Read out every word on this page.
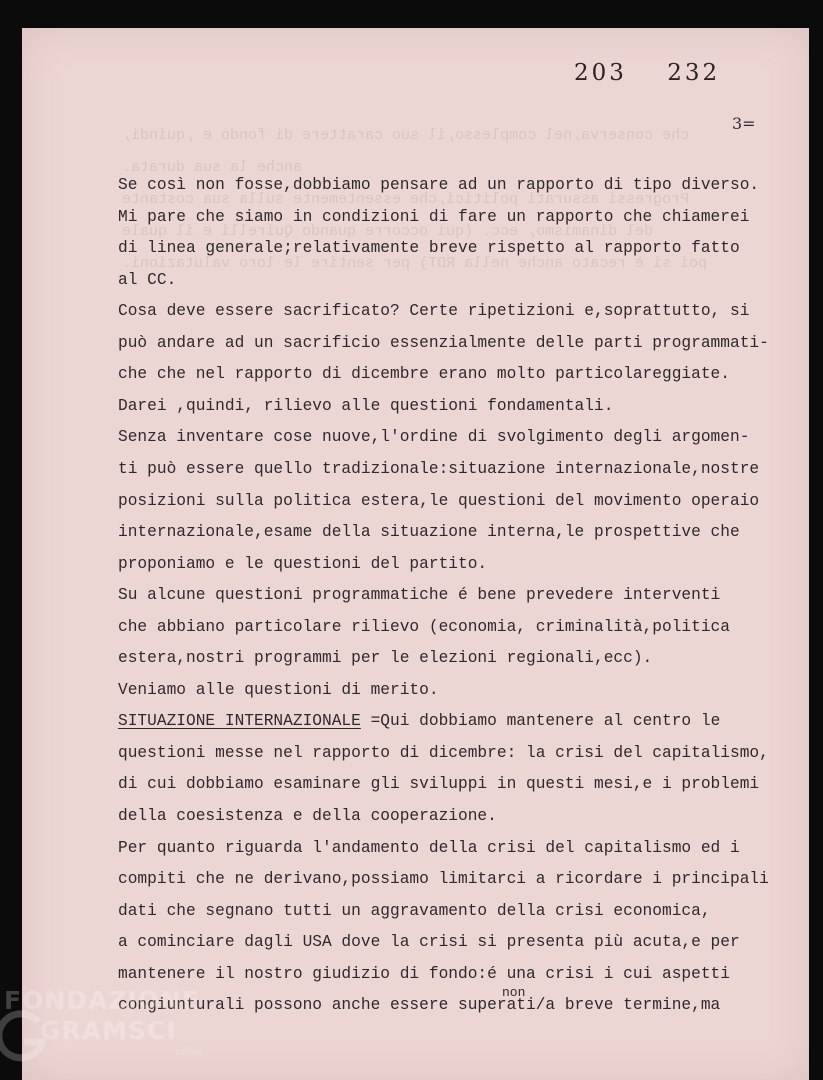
che conserva,nel complesso,il suo carattere di fondo e ,quindi,
anche la sua durata.
Progressi assurati politici,che essentemente sulla sua costante
del dinamismo, ecc. (qui occorre quando Quirelli e il quale
poi si è recato anche nella RDT) per sentire le loro valutazioni.
203 232
3=
Se così non fosse,dobbiamo pensare ad un rapporto di tipo diverso.
Mi pare che siamo in condizioni di fare un rapporto che chiamerei
di linea generale;relativamente breve rispetto al rapporto fatto
al CC.
Cosa deve essere sacrificato? Certe ripetizioni e,soprattutto, si
può andare ad un sacrificio essenzialmente delle parti programmati-
che che nel rapporto di dicembre erano molto particolareggiate.
Darei ,quindi, rilievo alle questioni fondamentali.
Senza inventare cose nuove,l'ordine di svolgimento degli argomen-
ti può essere quello tradizionale:situazione internazionale,nostre
posizioni sulla politica estera,le questioni del movimento operaio
internazionale,esame della situazione interna,le prospettive che
proponiamo e le questioni del partito.
Su alcune questioni programmatiche é bene prevedere interventi
che abbiano particolare rilievo (economia, criminalità,politica
estera,nostri programmi per le elezioni regionali,ecc).
Veniamo alle questioni di merito.
SITUAZIONE INTERNAZIONALE =Qui dobbiamo mantenere al centro le
questioni messe nel rapporto di dicembre: la crisi del capitalismo,
di cui dobbiamo esaminare gli sviluppi in questi mesi,e i problemi
della coesistenza e della cooperazione.
Per quanto riguarda l'andamento della crisi del capitalismo ed i
compiti che ne derivano,possiamo limitarci a ricordare i principali
dati che segnano tutti un aggravamento della crisi economica,
a cominciare dagli USA dove la crisi si presenta più acuta,e per
mantenere il nostro giudizio di fondo:é una crisi i cui aspetti
congiunturali possono anche essere superati/a breve termine,ma
non
FONDAZIONE
GRAMSCI
onlus
